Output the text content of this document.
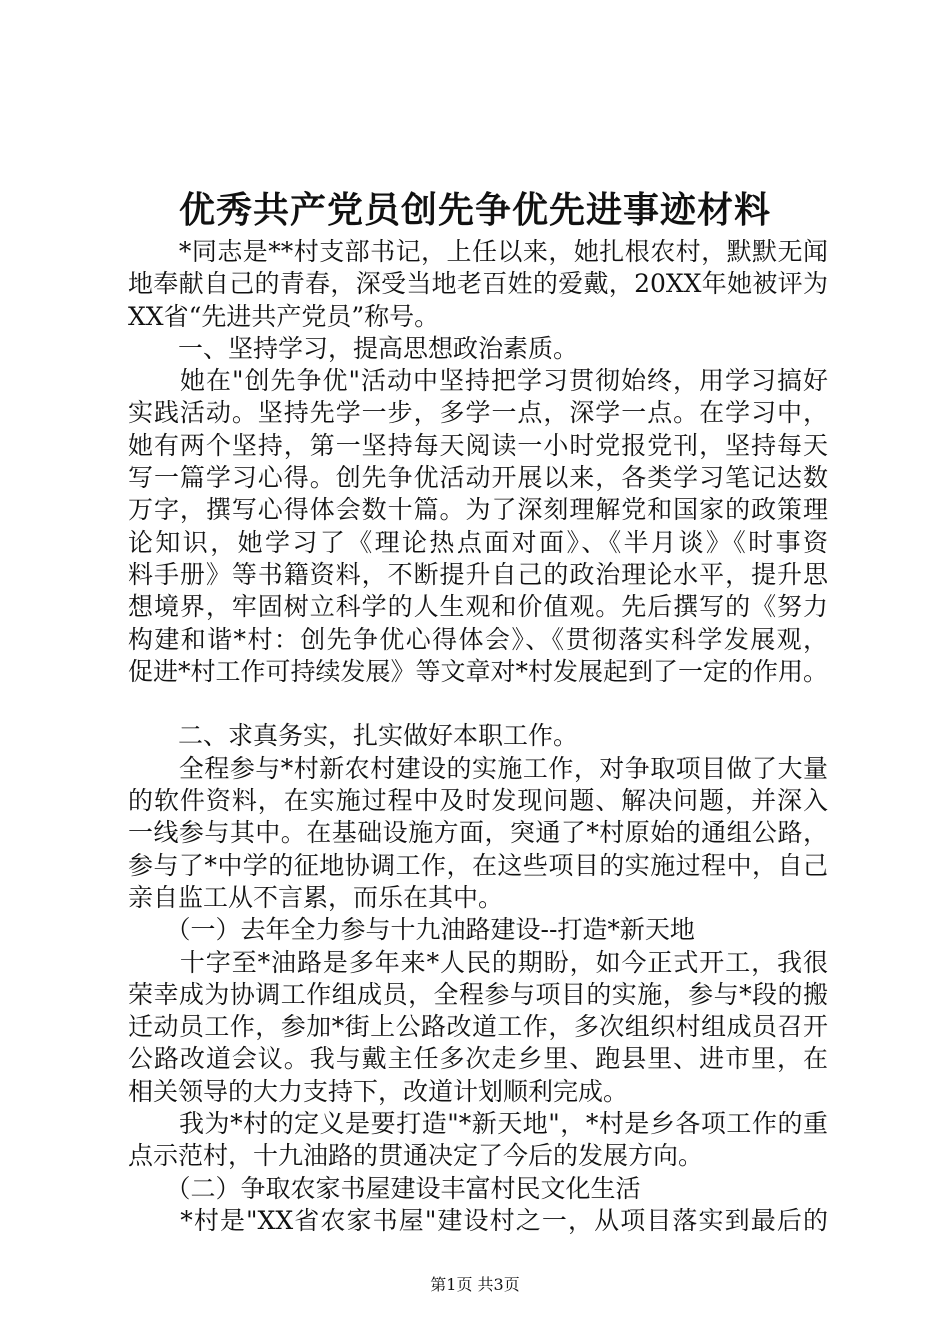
优秀共产党员创先争优先进事迹材料
　　*同志是**村支部书记，上任以来，她扎根农村，默默无闻
地奉献自己的青春，深受当地老百姓的爱戴，20XX年她被评为
XX省“先进共产党员”称号。
　　一、坚持学习，提高思想政治素质。
　　她在"创先争优"活动中坚持把学习贯彻始终，用学习搞好
实践活动。坚持先学一步，多学一点，深学一点。在学习中，
她有两个坚持，第一坚持每天阅读一小时党报党刊，坚持每天
写一篇学习心得。创先争优活动开展以来，各类学习笔记达数
万字，撰写心得体会数十篇。为了深刻理解党和国家的政策理
论知识，她学习了《理论热点面对面》、《半月谈》《时事资
料手册》等书籍资料，不断提升自己的政治理论水平，提升思
想境界，牢固树立科学的人生观和价值观。先后撰写的《努力
构建和谐*村：创先争优心得体会》、《贯彻落实科学发展观，
促进*村工作可持续发展》等文章对*村发展起到了一定的作用。
　　二、求真务实，扎实做好本职工作。
　　全程参与*村新农村建设的实施工作，对争取项目做了大量
的软件资料，在实施过程中及时发现问题、解决问题，并深入
一线参与其中。在基础设施方面，突通了*村原始的通组公路，
参与了*中学的征地协调工作，在这些项目的实施过程中，自己
亲自监工从不言累，而乐在其中。
　　（一）去年全力参与十九油路建设--打造*新天地
　　十字至*油路是多年来*人民的期盼，如今正式开工，我很
荣幸成为协调工作组成员，全程参与项目的实施，参与*段的搬
迁动员工作，参加*街上公路改道工作，多次组织村组成员召开
公路改道会议。我与戴主任多次走乡里、跑县里、进市里，在
相关领导的大力支持下，改道计划顺利完成。
　　我为*村的定义是要打造"*新天地"，*村是乡各项工作的重
点示范村，十九油路的贯通决定了今后的发展方向。
　　（二）争取农家书屋建设丰富村民文化生活
　　*村是"XX省农家书屋"建设村之一，从项目落实到最后的
第1页 共3页
